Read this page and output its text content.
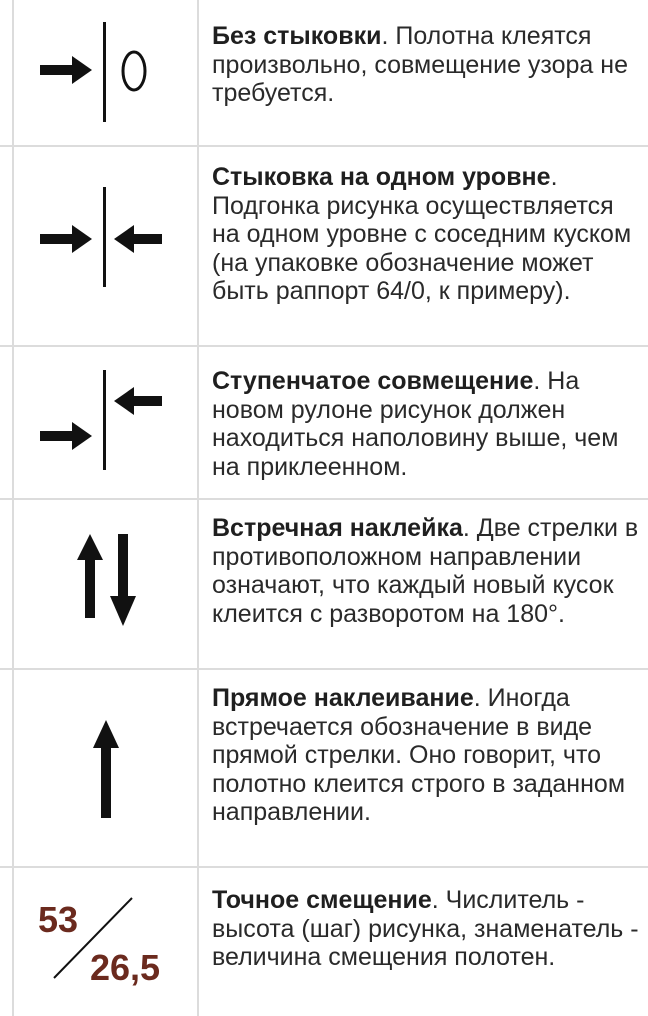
Без стыковки. Полотна клеятся произвольно, совмещение узора не требуется.
Стыковка на одном уровне. Подгонка рисунка осуществляется на одном уровне с соседним куском (на упаковке обозначение может быть раппорт 64/0, к примеру).
Ступенчатое совмещение. На новом рулоне рисунок должен находиться наполовину выше, чем на приклеенном.
Встречная наклейка. Две стрелки в противоположном направлении означают, что каждый новый кусок клеится с разворотом на 180°.
Прямое наклеивание. Иногда встречается обозначение в виде прямой стрелки. Оно говорит, что полотно клеится строго в заданном направлении.
53
26,5
Точное смещение. Числитель - высота (шаг) рисунка, знаменатель - величина смещения полотен.
